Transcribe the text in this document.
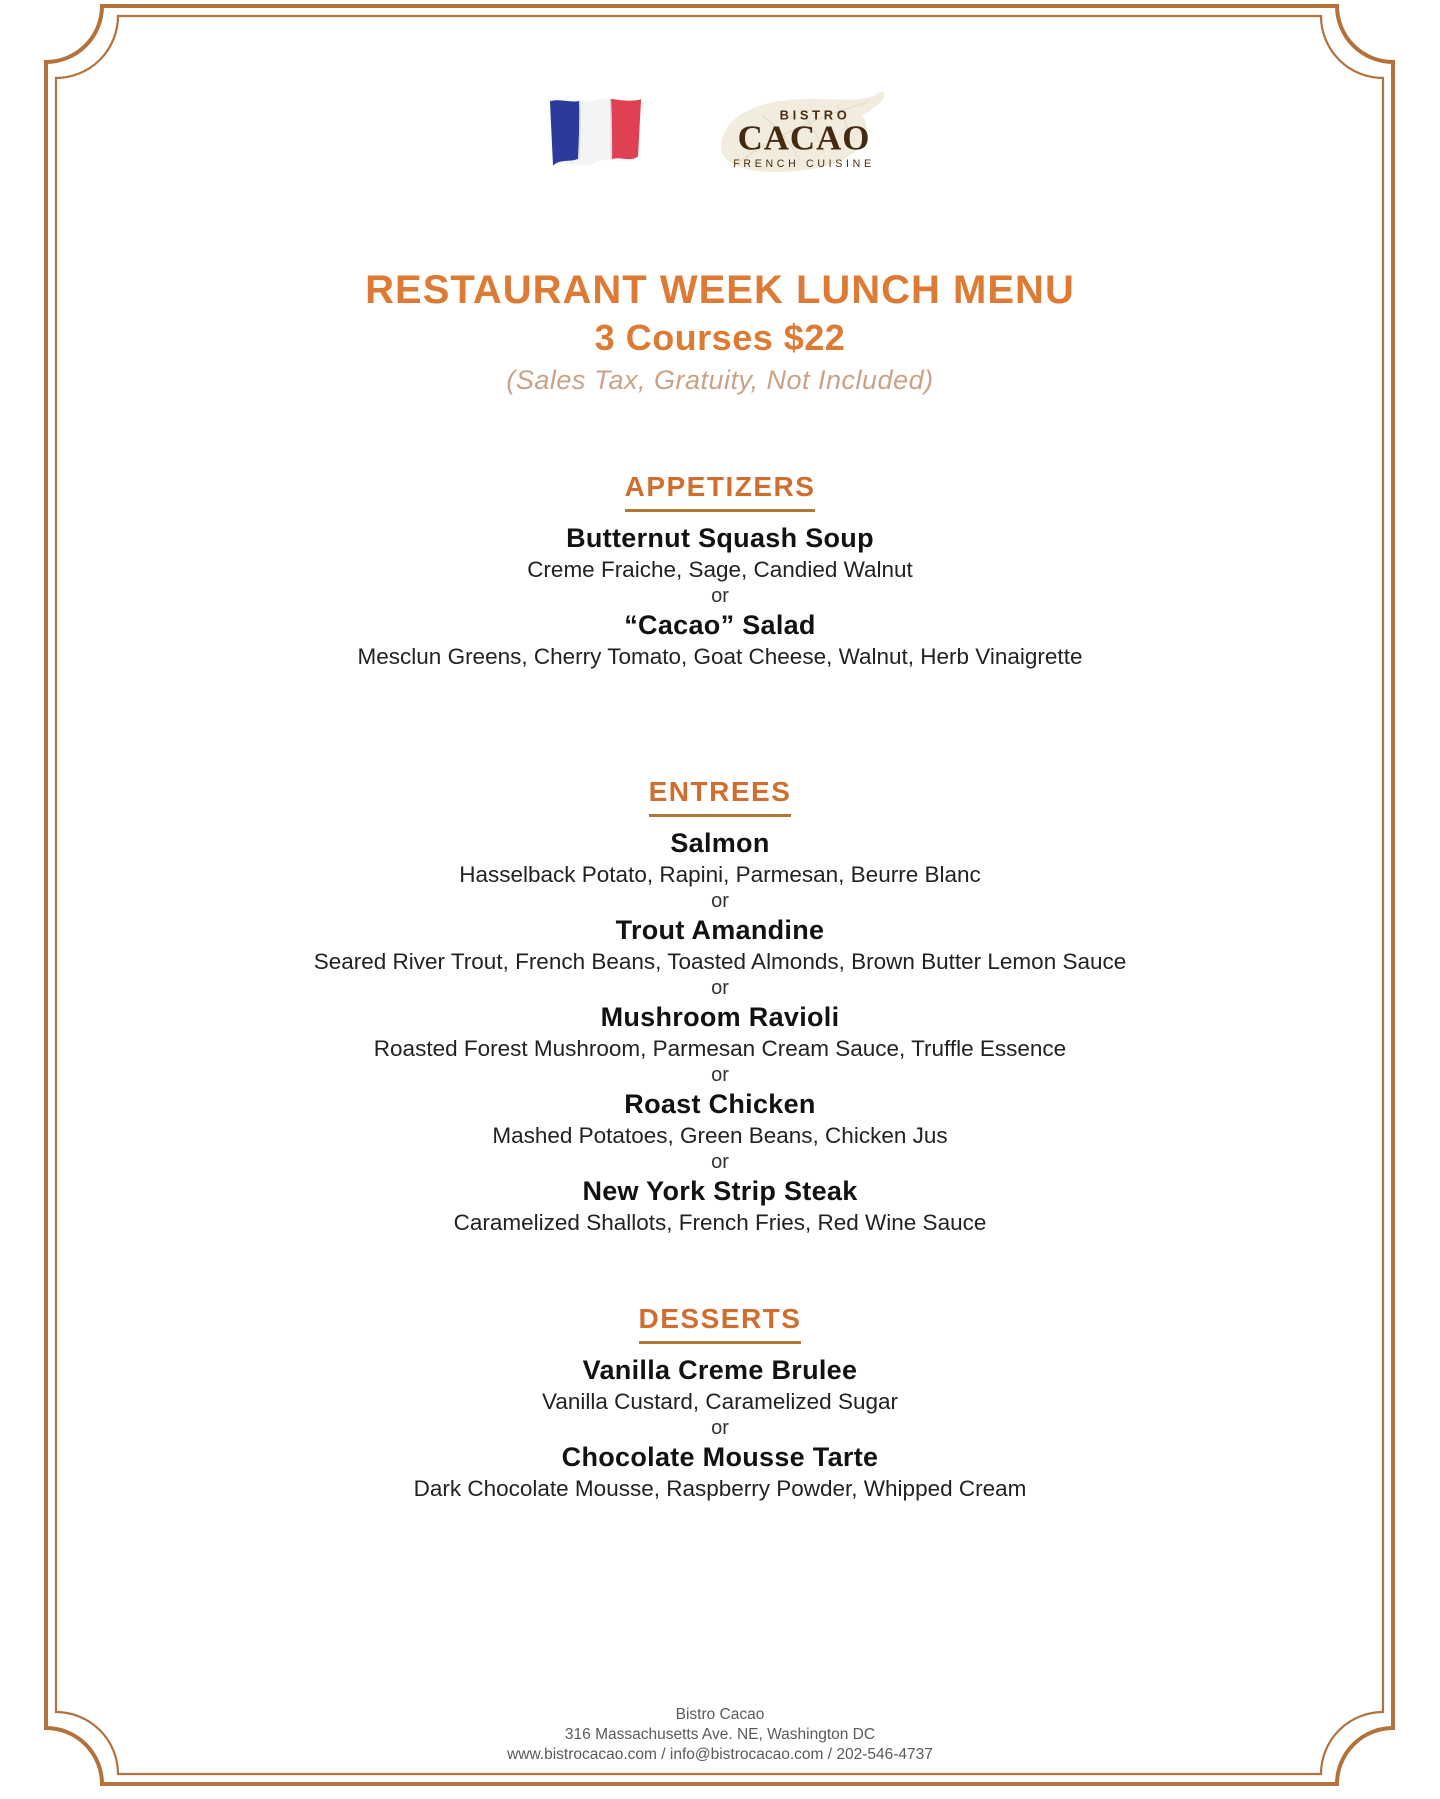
BISTRO
CACAO
FRENCH CUISINE
RESTAURANT WEEK LUNCH MENU
3 Courses $22
(Sales Tax, Gratuity, Not Included)
APPETIZERS
Butternut Squash Soup
Creme Fraiche, Sage, Candied Walnut
or
“Cacao” Salad
Mesclun Greens, Cherry Tomato, Goat Cheese, Walnut, Herb Vinaigrette
ENTREES
Salmon
Hasselback Potato, Rapini, Parmesan, Beurre Blanc
or
Trout Amandine
Seared River Trout, French Beans, Toasted Almonds, Brown Butter Lemon Sauce
or
Mushroom Ravioli
Roasted Forest Mushroom, Parmesan Cream Sauce, Truffle Essence
or
Roast Chicken
Mashed Potatoes, Green Beans, Chicken Jus
or
New York Strip Steak
Caramelized Shallots, French Fries, Red Wine Sauce
DESSERTS
Vanilla Creme Brulee
Vanilla Custard, Caramelized Sugar
or
Chocolate Mousse Tarte
Dark Chocolate Mousse, Raspberry Powder, Whipped Cream
Bistro Cacao
316 Massachusetts Ave. NE, Washington DC
www.bistrocacao.com / info@bistrocacao.com / 202-546-4737
